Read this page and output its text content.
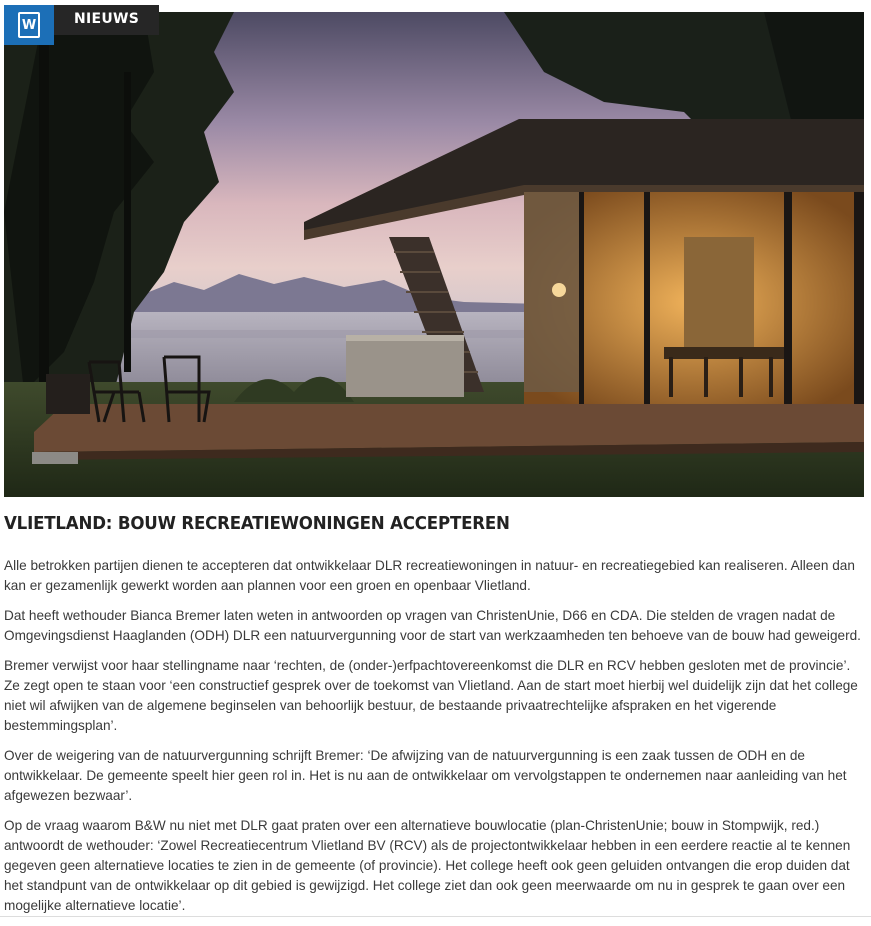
W	NIEUWS
VLIETLAND: BOUW RECREATIEWONINGEN ACCEPTEREN

Alle betrokken partijen dienen te accepteren dat ontwikkelaar DLR recreatiewoningen in natuur- en recreatiegebied kan realiseren. Alleen dan kan er gezamenlijk gewerkt worden aan plannen voor een groen en openbaar Vlietland.

Dat heeft wethouder Bianca Bremer laten weten in antwoorden op vragen van ChristenUnie, D66 en CDA. Die stelden de vragen nadat de Omgevingsdienst Haaglanden (ODH) DLR een natuurvergunning voor de start van werkzaamheden ten behoeve van de bouw had geweigerd.

Bremer verwijst voor haar stellingname naar ‘rechten, de (onder-)erfpachtovereenkomst die DLR en RCV hebben gesloten met de provincie’. Ze zegt open te staan voor ‘een constructief gesprek over de toekomst van Vlietland. Aan de start moet hierbij wel duidelijk zijn dat het college niet wil afwijken van de algemene beginselen van behoorlijk bestuur, de bestaande privaatrechtelijke afspraken en het vigerende bestemmingsplan’.

Over de weigering van de natuurvergunning schrijft Bremer: ‘De afwijzing van de natuurvergunning is een zaak tussen de ODH en de ontwikkelaar. De gemeente speelt hier geen rol in. Het is nu aan de ontwikkelaar om vervolgstappen te ondernemen naar aanleiding van het afgewezen bezwaar’.

Op de vraag waarom B&W nu niet met DLR gaat praten over een alternatieve bouwlocatie (plan-ChristenUnie; bouw in Stompwijk, red.) antwoordt de wethouder: ‘Zowel Recreatiecentrum Vlietland BV (RCV) als de projectontwikkelaar hebben in een eerdere reactie al te kennen gegeven geen alternatieve locaties te zien in de gemeente (of provincie). Het college heeft ook geen geluiden ontvangen die erop duiden dat het standpunt van de ontwikkelaar op dit gebied is gewijzigd. Het college ziet dan ook geen meerwaarde om nu in gesprek te gaan over een mogelijke alternatieve locatie’.
